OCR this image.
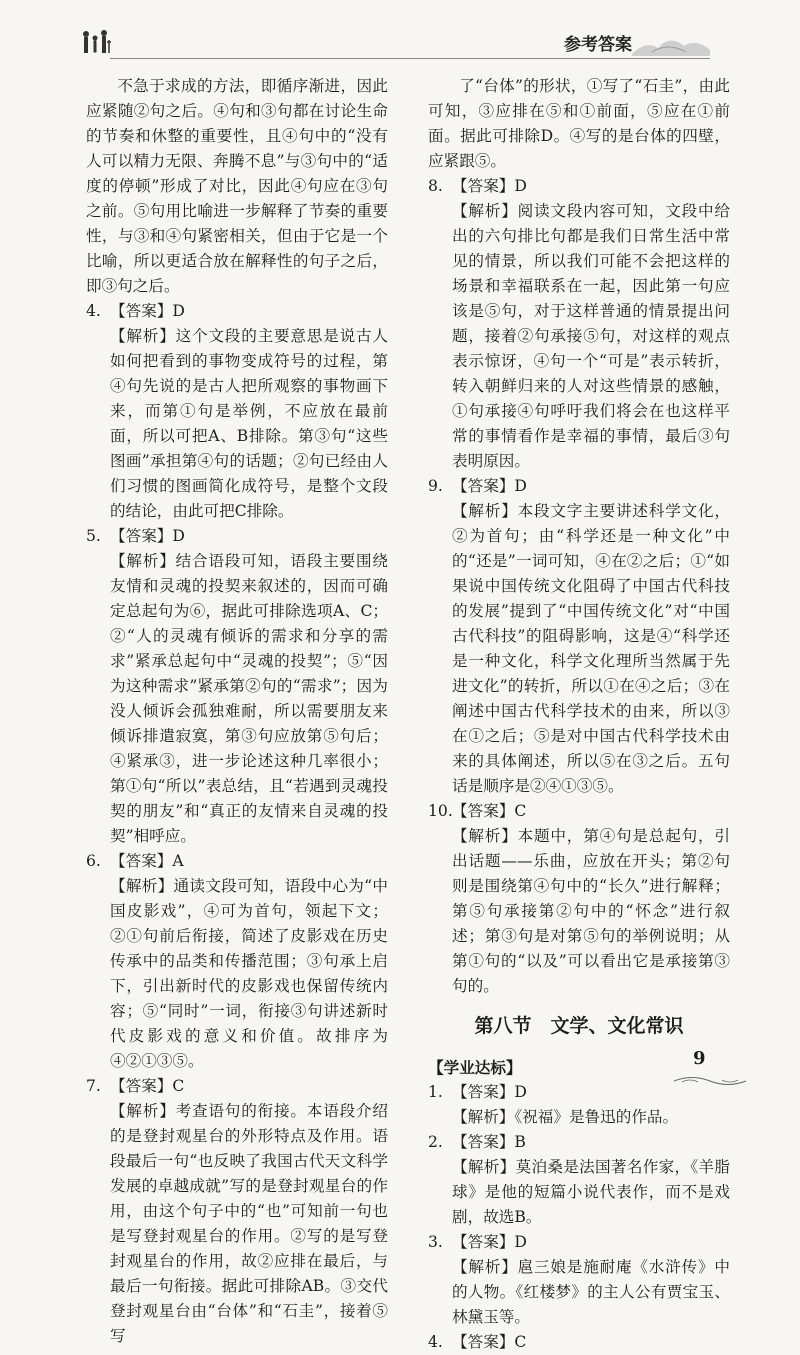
参考答案
不急于求成的方法，即循序渐进，因此应紧随②句之后。④句和③句都在讨论生命的节奏和休整的重要性，且④句中的“没有人可以精力无限、奔腾不息”与③句中的“适度的停顿”形成了对比，因此④句应在③句之前。⑤句用比喻进一步解释了节奏的重要性，与③和④句紧密相关，但由于它是一个比喻，所以更适合放在解释性的句子之后，即③句之后。
4. 【答案】D
【解析】这个文段的主要意思是说古人如何把看到的事物变成符号的过程，第④句先说的是古人把所观察的事物画下来，而第①句是举例，不应放在最前面，所以可把A、B排除。第③句“这些图画”承担第④句的话题；②句已经由人们习惯的图画简化成符号，是整个文段的结论，由此可把C排除。
5. 【答案】D
【解析】结合语段可知，语段主要围绕友情和灵魂的投契来叙述的，因而可确定总起句为⑥，据此可排除选项A、C；②“人的灵魂有倾诉的需求和分享的需求”紧承总起句中“灵魂的投契”；⑤“因为这种需求”紧承第②句的“需求”；因为没人倾诉会孤独难耐，所以需要朋友来倾诉排遣寂寞，第③句应放第⑤句后；④紧承③，进一步论述这种几率很小；第①句“所以”表总结，且“若遇到灵魂投契的朋友”和“真正的友情来自灵魂的投契”相呼应。
6. 【答案】A
【解析】通读文段可知，语段中心为“中国皮影戏”，④可为首句，领起下文；②①句前后衔接，简述了皮影戏在历史传承中的品类和传播范围；③句承上启下，引出新时代的皮影戏也保留传统内容；⑤“同时”一词，衔接③句讲述新时代皮影戏的意义和价值。故排序为④②①③⑤。
7. 【答案】C
【解析】考查语句的衔接。本语段介绍的是登封观星台的外形特点及作用。语段最后一句“也反映了我国古代天文科学发展的卓越成就”写的是登封观星台的作用，由这个句子中的“也”可知前一句也是写登封观星台的作用。②写的是写登封观星台的作用，故②应排在最后，与最后一句衔接。据此可排除AB。③交代登封观星台由“台体”和“石圭”，接着⑤写
了“台体”的形状，①写了“石圭”，由此可知，③应排在⑤和①前面，⑤应在①前面。据此可排除D。④写的是台体的四壁，应紧跟⑤。
8. 【答案】D
【解析】阅读文段内容可知，文段中给出的六句排比句都是我们日常生活中常见的情景，所以我们可能不会把这样的场景和幸福联系在一起，因此第一句应该是⑤句，对于这样普通的情景提出问题，接着②句承接⑤句，对这样的观点表示惊讶，④句一个“可是”表示转折，转入朝鲜归来的人对这些情景的感触，①句承接④句呼吁我们将会在也这样平常的事情看作是幸福的事情，最后③句表明原因。
9. 【答案】D
【解析】本段文字主要讲述科学文化，②为首句；由“科学还是一种文化”中的“还是”一词可知，④在②之后；①“如果说中国传统文化阻碍了中国古代科技的发展”提到了“中国传统文化”对“中国古代科技”的阻碍影响，这是④“科学还是一种文化，科学文化理所当然属于先进文化”的转折，所以①在④之后；③在阐述中国古代科学技术的由来，所以③在①之后；⑤是对中国古代科学技术由来的具体阐述，所以⑤在③之后。五句话是顺序是②④①③⑤。
10.【答案】C
【解析】本题中，第④句是总起句，引出话题——乐曲，应放在开头；第②句则是围绕第④句中的“长久”进行解释；第⑤句承接第②句中的“怀念”进行叙述；第③句是对第⑤句的举例说明；从第①句的“以及”可以看出它是承接第③句的。
第八节　文学、文化常识
【学业达标】
1. 【答案】D
【解析】《祝福》是鲁迅的作品。
2. 【答案】B
【解析】莫泊桑是法国著名作家，《羊脂球》是他的短篇小说代表作，而不是戏剧，故选B。
3. 【答案】D
【解析】扈三娘是施耐庵《水浒传》中的人物。《红楼梦》的主人公有贾宝玉、林黛玉等。
4. 【答案】C
9
